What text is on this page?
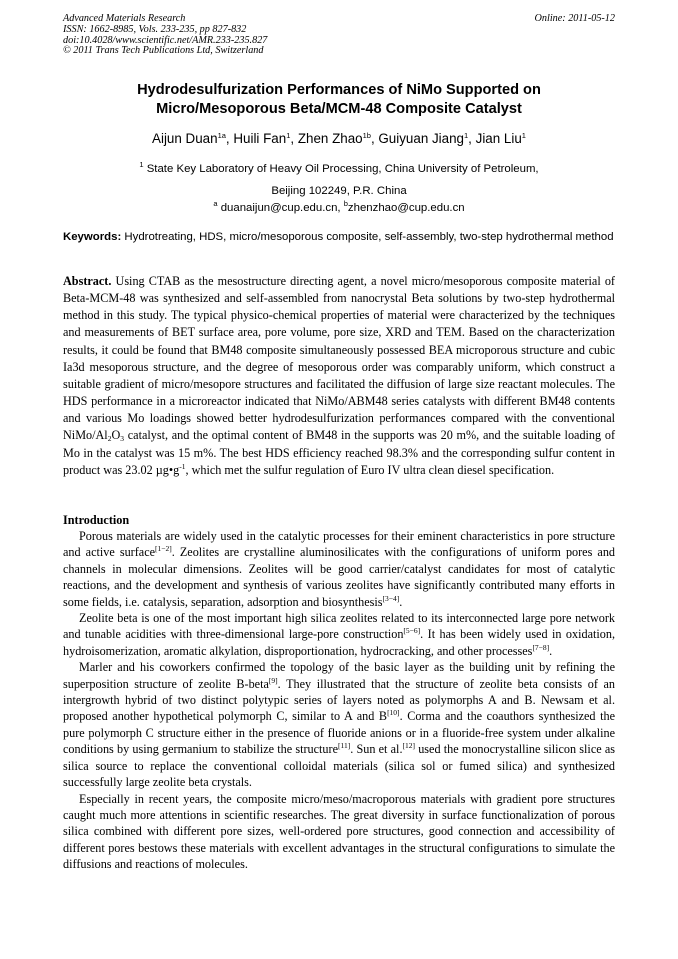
Advanced Materials Research
ISSN: 1662-8985, Vols. 233-235, pp 827-832
doi:10.4028/www.scientific.net/AMR.233-235.827
© 2011 Trans Tech Publications Ltd, Switzerland
Online: 2011-05-12
Hydrodesulfurization Performances of NiMo Supported on
Micro/Mesoporous Beta/MCM-48 Composite Catalyst
Aijun Duan$^{1a}$, Huili Fan$^1$, Zhen Zhao$^{1b}$, Guiyuan Jiang$^1$, Jian Liu$^1$
$^1$ State Key Laboratory of Heavy Oil Processing, China University of Petroleum,
Beijing 102249, P.R. China
$^a$ duanaijun@cup.edu.cn, $^b$zhenzhao@cup.edu.cn
Keywords: Hydrotreating, HDS, micro/mesoporous composite, self-assembly, two-step hydrothermal method
Abstract. Using CTAB as the mesostructure directing agent, a novel micro/mesoporous composite material of Beta-MCM-48 was synthesized and self-assembled from nanocrystal Beta solutions by two-step hydrothermal method in this study. The typical physico-chemical properties of material were characterized by the techniques and measurements of BET surface area, pore volume, pore size, XRD and TEM. Based on the characterization results, it could be found that BM48 composite simultaneously possessed BEA microporous structure and cubic Ia3d mesoporous structure, and the degree of mesoporous order was comparably uniform, which construct a suitable gradient of micro/mesopore structures and facilitated the diffusion of large size reactant molecules. The HDS performance in a microreactor indicated that NiMo/ABM48 series catalysts with different BM48 contents and various Mo loadings showed better hydrodesulfurization performances compared with the conventional NiMo/$Al_2O_3$ catalyst, and the optimal content of BM48 in the supports was 20 m%, and the suitable loading of Mo in the catalyst was 15 m%. The best HDS efficiency reached 98.3% and the corresponding sulfur content in product was 23.02 $\mu g•g^{-1}$, which met the sulfur regulation of Euro IV ultra clean diesel specification.
Introduction

Porous materials are widely used in the catalytic processes for their eminent characteristics in pore structure and active surface[1−2]. Zeolites are crystalline aluminosilicates with the configurations of uniform pores and channels in molecular dimensions. Zeolites will be good carrier/catalyst candidates for most of catalytic reactions, and the development and synthesis of various zeolites have significantly contributed many efforts in some fields, i.e. catalysis, separation, adsorption and biosynthesis[3−4].

Zeolite beta is one of the most important high silica zeolites related to its interconnected large pore network and tunable acidities with three-dimensional large-pore construction[5−6]. It has been widely used in oxidation, hydroisomerization, aromatic alkylation, disproportionation, hydrocracking, and other processes[7−8].

Marler and his coworkers confirmed the topology of the basic layer as the building unit by refining the superposition structure of zeolite B-beta[9]. They illustrated that the structure of zeolite beta consists of an intergrowth hybrid of two distinct polytypic series of layers noted as polymorphs A and B. Newsam et al. proposed another hypothetical polymorph C, similar to A and B[10]. Corma and the coauthors synthesized the pure polymorph C structure either in the presence of fluoride anions or in a fluoride-free system under alkaline conditions by using germanium to stabilize the structure[11]. Sun et al.[12] used the monocrystalline silicon slice as silica source to replace the conventional colloidal materials (silica sol or fumed silica) and synthesized successfully large zeolite beta crystals.

Especially in recent years, the composite micro/meso/macroporous materials with gradient pore structures caught much more attentions in scientific researches. The great diversity in surface functionalization of porous silica combined with different pore sizes, well-ordered pore structures, good connection and accessibility of different pores bestows these materials with excellent advantages in the structural configurations to simulate the diffusions and reactions of molecules.
